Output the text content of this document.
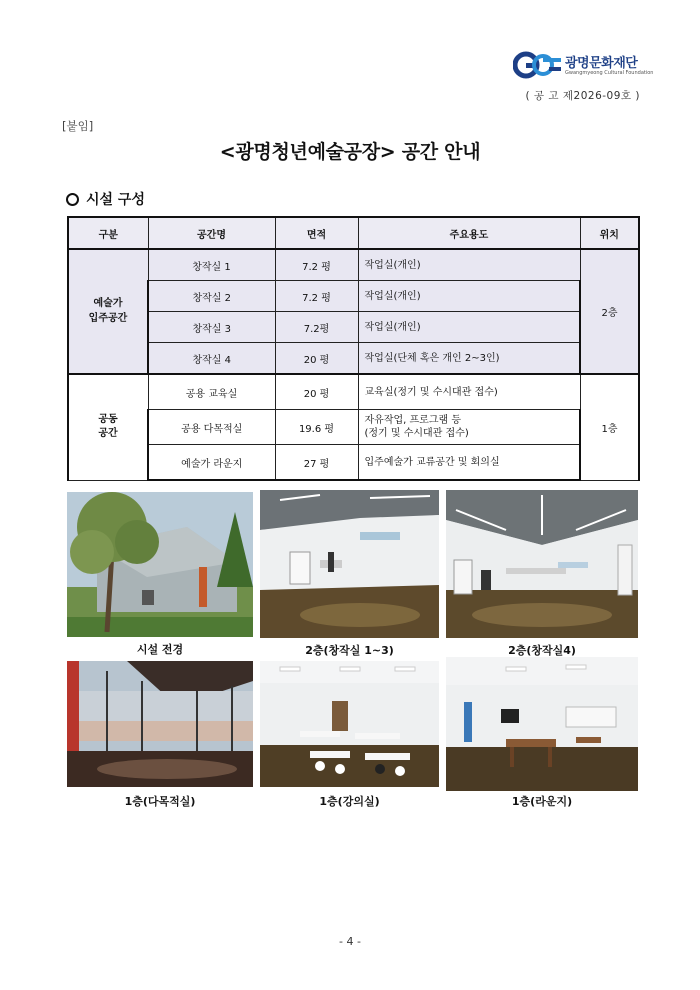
광명문화재단
Gwangmyeong Cultural Foundation
( 공 고 제2026-09호 )
[붙임]
<광명청년예술공장> 공간 안내
시설 구성
구분	공간명	면적	주요용도	위치
예술가
입주공간	창작실 1	7.2 평	작업실(개인)	2층
	창작실 2	7.2 평	작업실(개인)	
	창작실 3	7.2평	작업실(개인)	
	창작실 4	20 평	작업실(단체 혹은 개인 2~3인)	
공동
공간	공용 교육실	20 평	교육실(정기 및 수시대관 접수)	1층
	공용 다목적실	19.6 평	자유작업, 프로그램 등
(정기 및 수시대관 접수)	
	예술가 라운지	27 평	입주예술가 교류공간 및 회의실	
시설 전경	2층(창작실 1~3)	2층(창작실4)
1층(다목적실)	1층(강의실)	1층(라운지)
- 4 -
